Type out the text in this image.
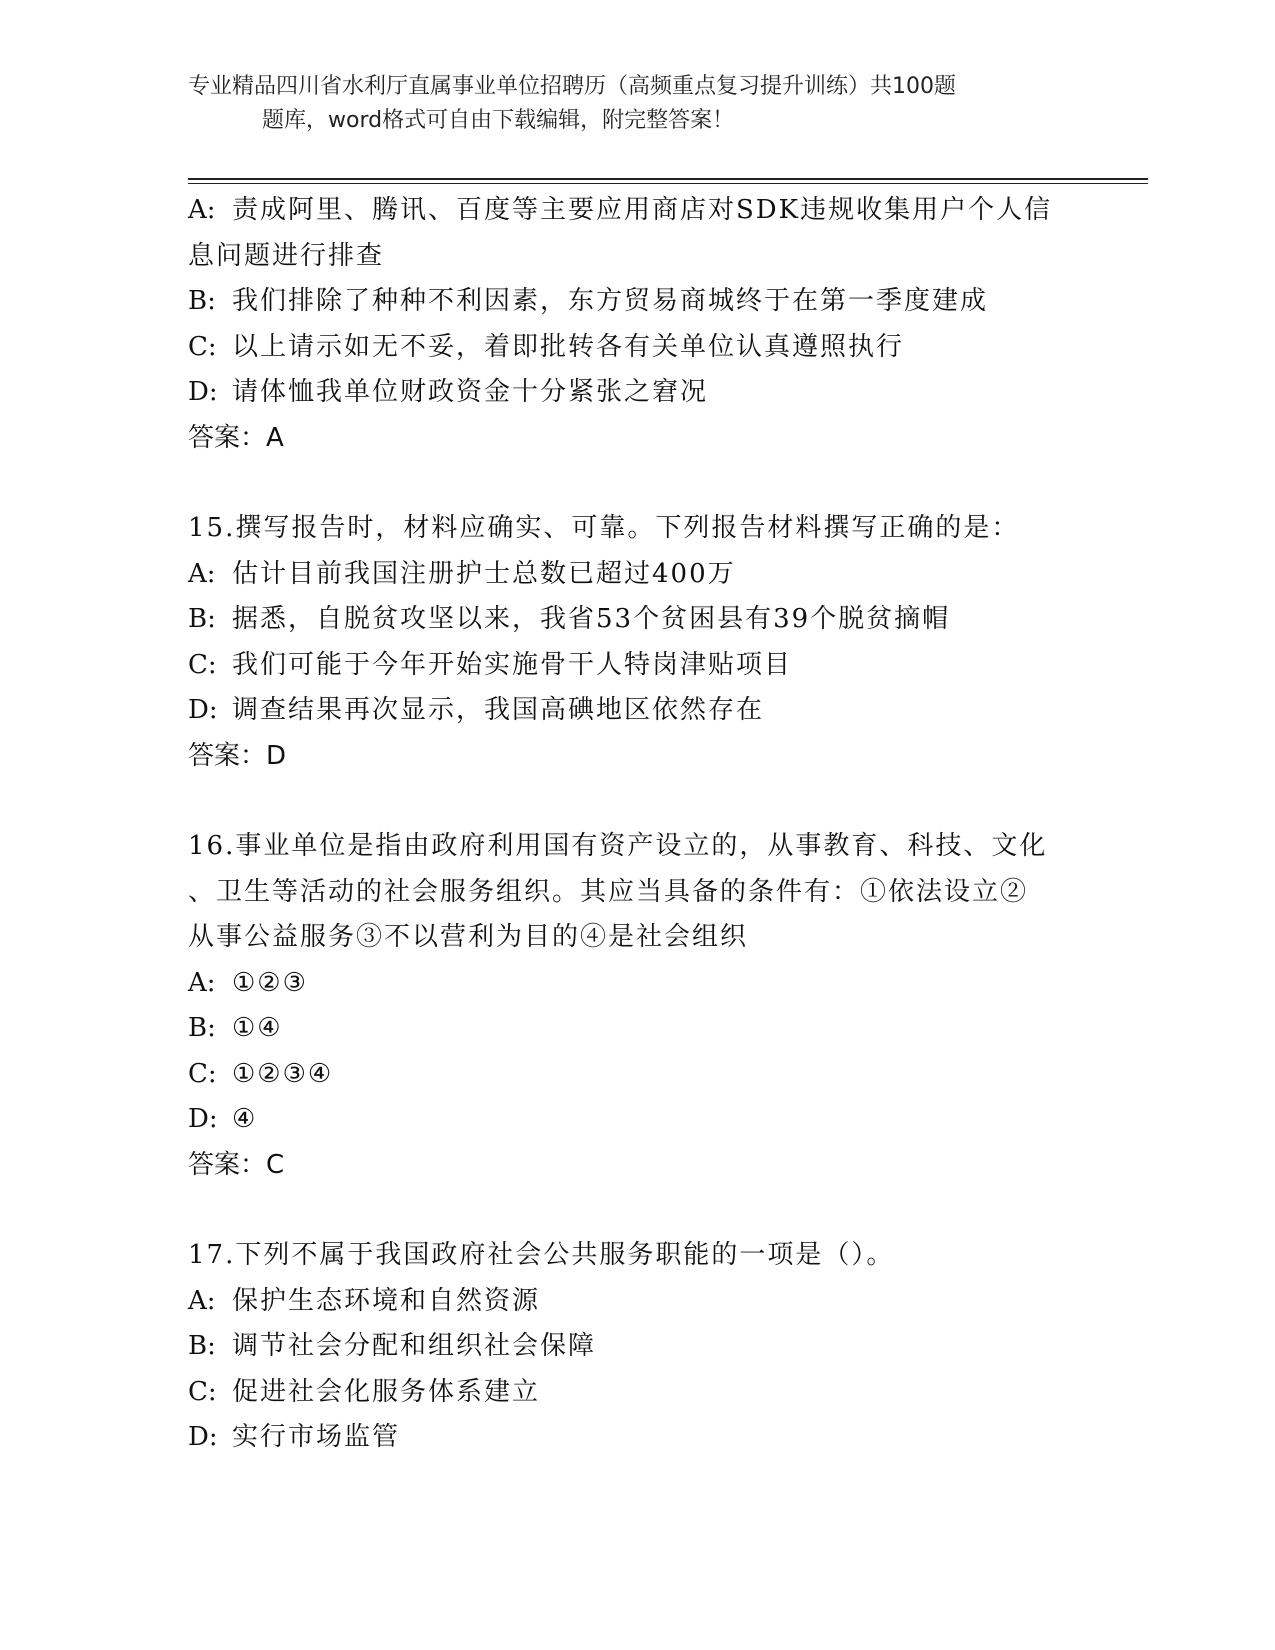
专业精品四川省水利厅直属事业单位招聘历（高频重点复习提升训练）共100题
题库，word格式可自由下载编辑，附完整答案！
A: 责成阿里、腾讯、百度等主要应用商店对SDK违规收集用户个人信
息问题进行排查
B: 我们排除了种种不利因素，东方贸易商城终于在第一季度建成
C: 以上请示如无不妥，着即批转各有关单位认真遵照执行
D: 请体恤我单位财政资金十分紧张之窘况
答案：A
15.撰写报告时，材料应确实、可靠。下列报告材料撰写正确的是：
A: 估计目前我国注册护士总数已超过400万
B: 据悉，自脱贫攻坚以来，我省53个贫困县有39个脱贫摘帽
C: 我们可能于今年开始实施骨干人特岗津贴项目
D: 调查结果再次显示，我国高碘地区依然存在
答案：D
16.事业单位是指由政府利用国有资产设立的，从事教育、科技、文化
、卫生等活动的社会服务组织。其应当具备的条件有：①依法设立②
从事公益服务③不以营利为目的④是社会组织
A: ①②③
B: ①④
C: ①②③④
D: ④
答案：C
17.下列不属于我国政府社会公共服务职能的一项是（）。
A: 保护生态环境和自然资源
B: 调节社会分配和组织社会保障
C: 促进社会化服务体系建立
D: 实行市场监管
